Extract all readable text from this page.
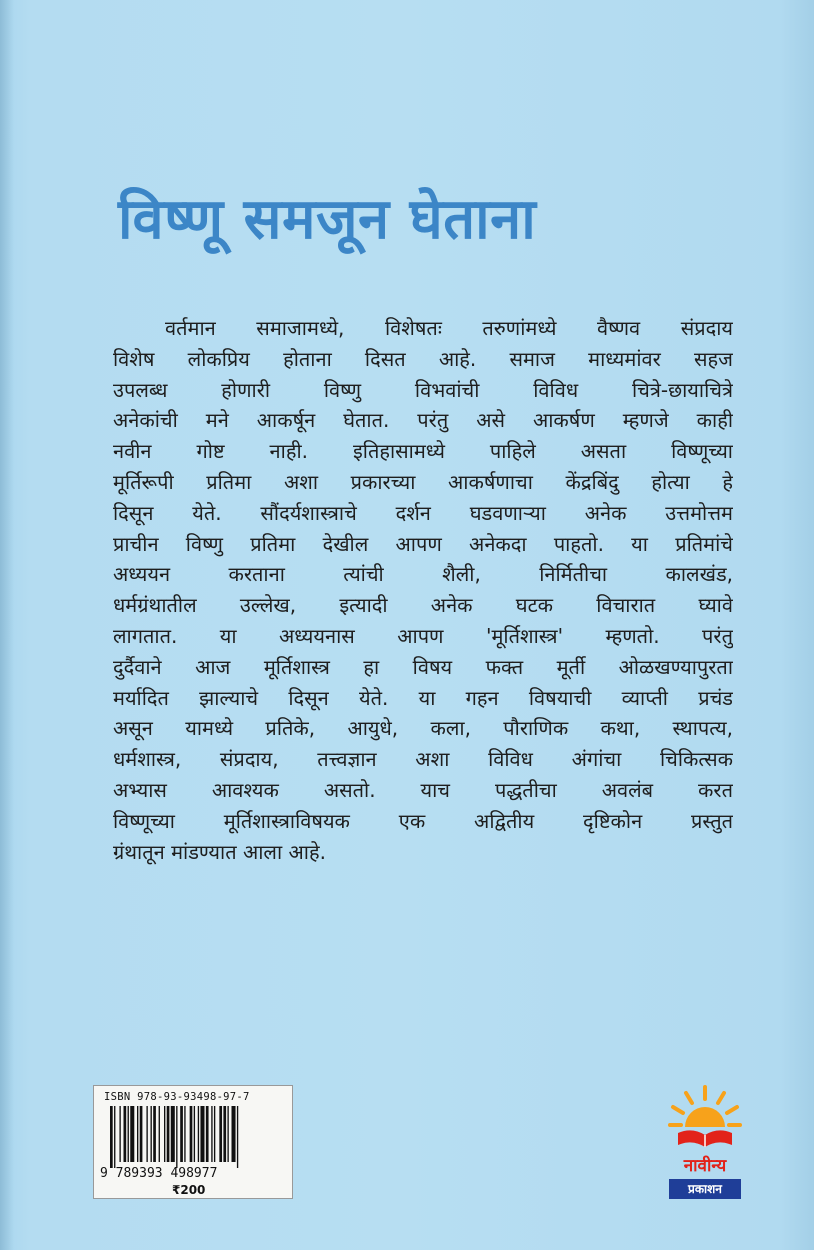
विष्णू समजून घेताना
वर्तमान समाजामध्ये, विशेषतः तरुणांमध्ये वैष्णव संप्रदाय
विशेष लोकप्रिय होताना दिसत आहे. समाज माध्यमांवर सहज
उपलब्ध होणारी विष्णु विभवांची विविध चित्रे-छायाचित्रे
अनेकांची मने आकर्षून घेतात. परंतु असे आकर्षण म्हणजे काही
नवीन गोष्ट नाही. इतिहासामध्ये पाहिले असता विष्णूच्या
मूर्तिरूपी प्रतिमा अशा प्रकारच्या आकर्षणाचा केंद्रबिंदु होत्या हे
दिसून येते. सौंदर्यशास्त्राचे दर्शन घडवणाऱ्या अनेक उत्तमोत्तम
प्राचीन विष्णु प्रतिमा देखील आपण अनेकदा पाहतो. या प्रतिमांचे
अध्ययन करताना त्यांची शैली, निर्मितीचा कालखंड,
धर्मग्रंथातील उल्लेख, इत्यादी अनेक घटक विचारात घ्यावे
लागतात. या अध्ययनास आपण 'मूर्तिशास्त्र' म्हणतो. परंतु
दुर्दैवाने आज मूर्तिशास्त्र हा विषय फक्त मूर्ती ओळखण्यापुरता
मर्यादित झाल्याचे दिसून येते. या गहन विषयाची व्याप्ती प्रचंड
असून यामध्ये प्रतिके, आयुधे, कला, पौराणिक कथा, स्थापत्य,
धर्मशास्त्र, संप्रदाय, तत्त्वज्ञान अशा विविध अंगांचा चिकित्सक
अभ्यास आवश्यक असतो. याच पद्धतीचा अवलंब करत
विष्णूच्या मूर्तिशास्त्राविषयक एक अद्वितीय दृष्टिकोन प्रस्तुत
ग्रंथातून मांडण्यात आला आहे.
ISBN 978-93-93498-97-7
9 789393 498977
₹200
नावीन्य
प्रकाशन
